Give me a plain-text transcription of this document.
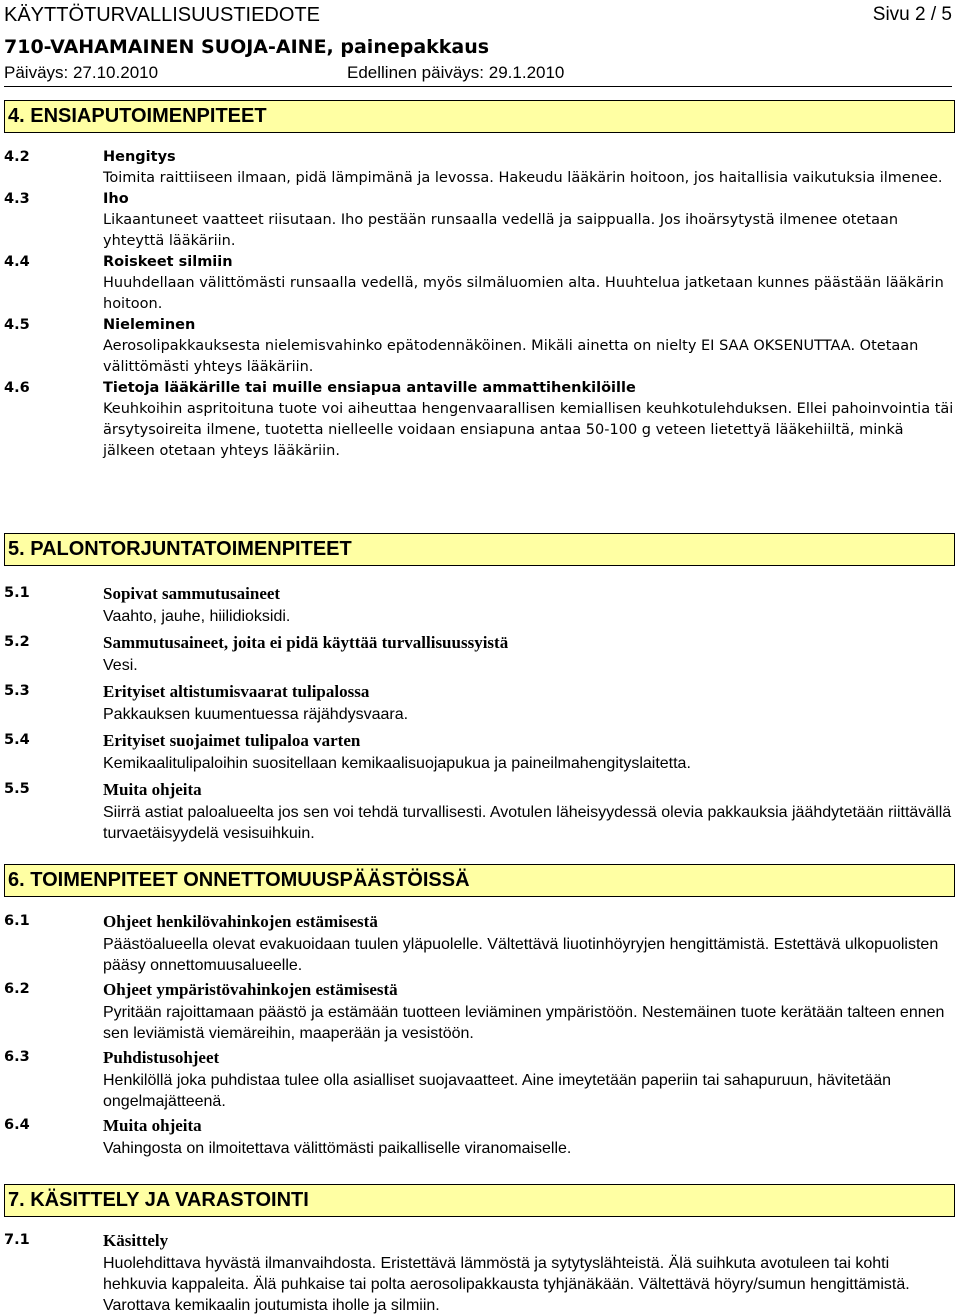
KÄYTTÖTURVALLISUUSTIEDOTE	Sivu 2 / 5
710-VAHAMAINEN SUOJA-AINE, painepakkaus
Päiväys: 27.10.2010	Edellinen päiväys: 29.1.2010
4. ENSIAPUTOIMENPITEET
4.2	Hengitys
Toimita raittiiseen ilmaan, pidä lämpimänä ja levossa. Hakeudu lääkärin hoitoon, jos haitallisia vaikutuksia ilmenee.
4.3	Iho
Likaantuneet vaatteet riisutaan. Iho pestään runsaalla vedellä ja saippualla. Jos ihoärsytystä ilmenee otetaan yhteyttä lääkäriin.
4.4	Roiskeet silmiin
Huuhdellaan välittömästi runsaalla vedellä, myös silmäluomien alta. Huuhtelua jatketaan kunnes päästään lääkärin hoitoon.
4.5	Nieleminen
Aerosolipakkauksesta nielemisvahinko epätodennäköinen. Mikäli ainetta on nielty EI SAA OKSENUTTAA. Otetaan välittömästi yhteys lääkäriin.
4.6	Tietoja lääkärille tai muille ensiapua antaville ammattihenkilöille
Keuhkoihin aspritoituna tuote voi aiheuttaa hengenvaarallisen kemiallisen keuhkotulehduksen. Ellei pahoinvointia täi ärsytysoireita ilmene, tuotetta nielleelle voidaan ensiapuna antaa 50-100 g veteen lietettyä lääkehiiltä, minkä jälkeen otetaan yhteys lääkäriin.
5. PALONTORJUNTATOIMENPITEET
5.1	Sopivat sammutusaineet
Vaahto, jauhe, hiilidioksidi.
5.2	Sammutusaineet, joita ei pidä käyttää turvallisuussyistä
Vesi.
5.3	Erityiset altistumisvaarat tulipalossa
Pakkauksen kuumentuessa räjähdysvaara.
5.4	Erityiset suojaimet tulipaloa varten
Kemikaalitulipaloihin suositellaan kemikaalisuojapukua ja paineilmahengityslaitetta.
5.5	Muita ohjeita
Siirrä astiat paloalueelta jos sen voi tehdä turvallisesti. Avotulen läheisyydessä olevia pakkauksia jäähdytetään riittävällä turvaetäisyydelä vesisuihkuin.
6. TOIMENPITEET ONNETTOMUUSPÄÄSTÖISSÄ
6.1	Ohjeet henkilövahinkojen estämisestä
Päästöalueella olevat evakuoidaan tuulen yläpuolelle. Vältettävä liuotinhöyryjen hengittämistä. Estettävä ulkopuolisten pääsy onnettomuusalueelle.
6.2	Ohjeet ympäristövahinkojen estämisestä
Pyritään rajoittamaan päästö ja estämään tuotteen leviäminen ympäristöön. Nestemäinen tuote kerätään talteen ennen sen leviämistä viemäreihin, maaperään ja vesistöön.
6.3	Puhdistusohjeet
Henkilöllä joka puhdistaa tulee olla asialliset suojavaatteet. Aine imeytetään paperiin tai sahapuruun, hävitetään ongelmajätteenä.
6.4	Muita ohjeita
Vahingosta on ilmoitettava välittömästi paikalliselle viranomaiselle.
7. KÄSITTELY JA VARASTOINTI
7.1	Käsittely
Huolehdittava hyvästä ilmanvaihdosta. Eristettävä lämmöstä ja sytytyslähteistä. Älä suihkuta avotuleen tai kohti hehkuvia kappaleita. Älä puhkaise tai polta aerosolipakkausta tyhjänäkään. Vältettävä höyry/sumun hengittämistä. Varottava kemikaalin joutumista iholle ja silmiin.
